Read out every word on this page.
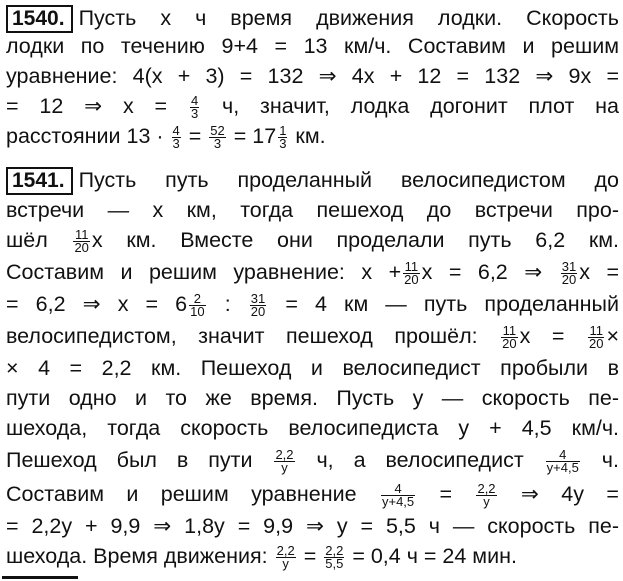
1540. Пусть x ч время движения лодки. Скорость
лодки по течению 9+4 = 13 км/ч. Составим и решим
уравнение: 4(x + 3) = 132 ⇒ 4x + 12 = 132 ⇒ 9x =
= 12 ⇒ $x = \frac{4}{3} ч$, значит, лодка догонит плот на
расстоянии $13 \cdot \frac{4}{3} = \frac{52}{3} = 17 \frac{1}{3}$ км.
1541. Пусть путь проделанный велосипедистом до
встречи — x км, тогда пешеход до встречи про-
шёл $\frac{11}{20}$ x км. Вместе они проделали путь 6,2 км.
Составим и решим уравнение: $x + \frac{11}{20}$ x = 6,2 ⇒ $\frac{31}{20}$ x =
= 6,2 ⇒ $x = 6 \frac{2}{10}$ : $\frac{31}{20} = 4$ км — путь проделанный
велосипедистом, значит пешеход прошёл: $\frac{11}{20}$ $x = \frac{11}{20}$ ×
× 4 = 2,2 км. Пешеход и велосипедист пробыли в
пути одно и то же время. Пусть y — скорость пе-
шехода, тогда скорость велосипедиста y + 4,5 км/ч.
Пешеход был в пути $\frac{2,2}{y} ч$, а велосипедист $\frac{4}{y+4,5} ч$.
Составим и решим уравнение $\frac{4}{y+4,5} = \frac{2,2}{y}$ ⇒ 4y =
= 2,2y + 9,9 ⇒ 1,8y = 9,9 ⇒ y = 5,5 ч — скорость пе-
шехода. Время движения: $\frac{2,2}{y} = \frac{2,2}{5,5} = 0,4$ ч = 24 мин.
